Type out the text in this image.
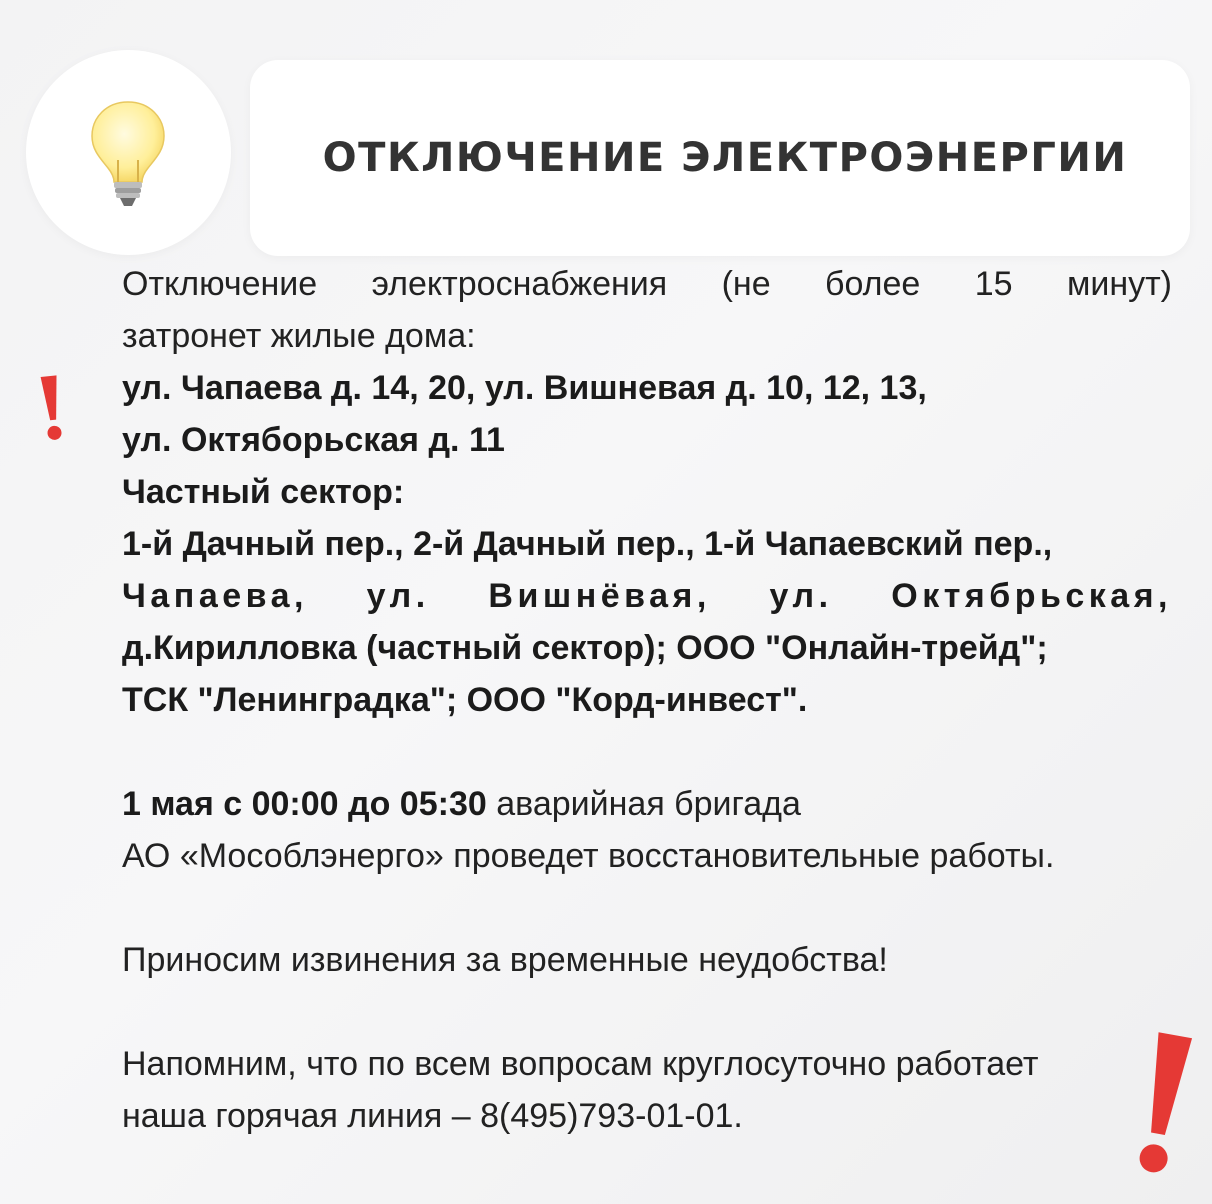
ОТКЛЮЧЕНИЕ ЭЛЕКТРОЭНЕРГИИ

Отключение электроснабжения (не более 15 минут)

затронет жилые дома:

ул. Чапаева д. 14, 20, ул. Вишневая д. 10, 12, 13,

ул. Октяборьская д. 11

Частный сектор:

1-й Дачный пер., 2-й Дачный пер., 1-й Чапаевский пер.,

Чапаева, ул. Вишнёвая, ул. Октябрьская,

д.Кирилловка (частный сектор); ООО "Онлайн-трейд";

ТСК "Ленинградка"; ООО "Корд-инвест".

1 мая с 00:00 до 05:30 аварийная бригада

АО «Мособлэнерго» проведет восстановительные работы.

Приносим извинения за временные неудобства!

Напомним, что по всем вопросам круглосуточно работает

наша горячая линия – 8(495)793-01-01.
